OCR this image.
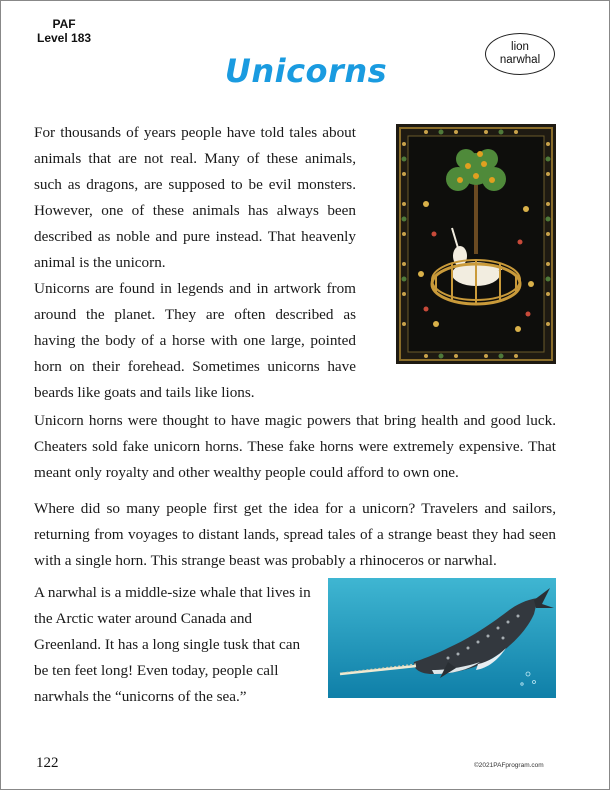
PAF
Level 183
Unicorns
lion
narwhal

For thousands of years people have told tales about animals that are not real. Many of these animals, such as dragons, are supposed to be evil monsters. However, one of these animals has always been described as noble and pure instead. That heavenly animal is the unicorn.

Unicorns are found in legends and in artwork from around the planet. They are often described as having the body of a horse with one large, pointed horn on their forehead. Sometimes unicorns have beards like goats and tails like lions.

Unicorn horns were thought to have magic powers that bring health and good luck. Cheaters sold fake unicorn horns. These fake horns were extremely expensive. That meant only royalty and other wealthy people could afford to own one.

Where did so many people first get the idea for a unicorn? Travelers and sailors, returning from voyages to distant lands, spread tales of a strange beast they had seen with a single horn. This strange beast was probably a rhinoceros or narwhal.

A narwhal is a middle-size whale that lives in the Arctic water around Canada and Greenland. It has a long single tusk that can be ten feet long! Even today, people call narwhals the “unicorns of the sea.”

122	©2021PAFprogram.com
